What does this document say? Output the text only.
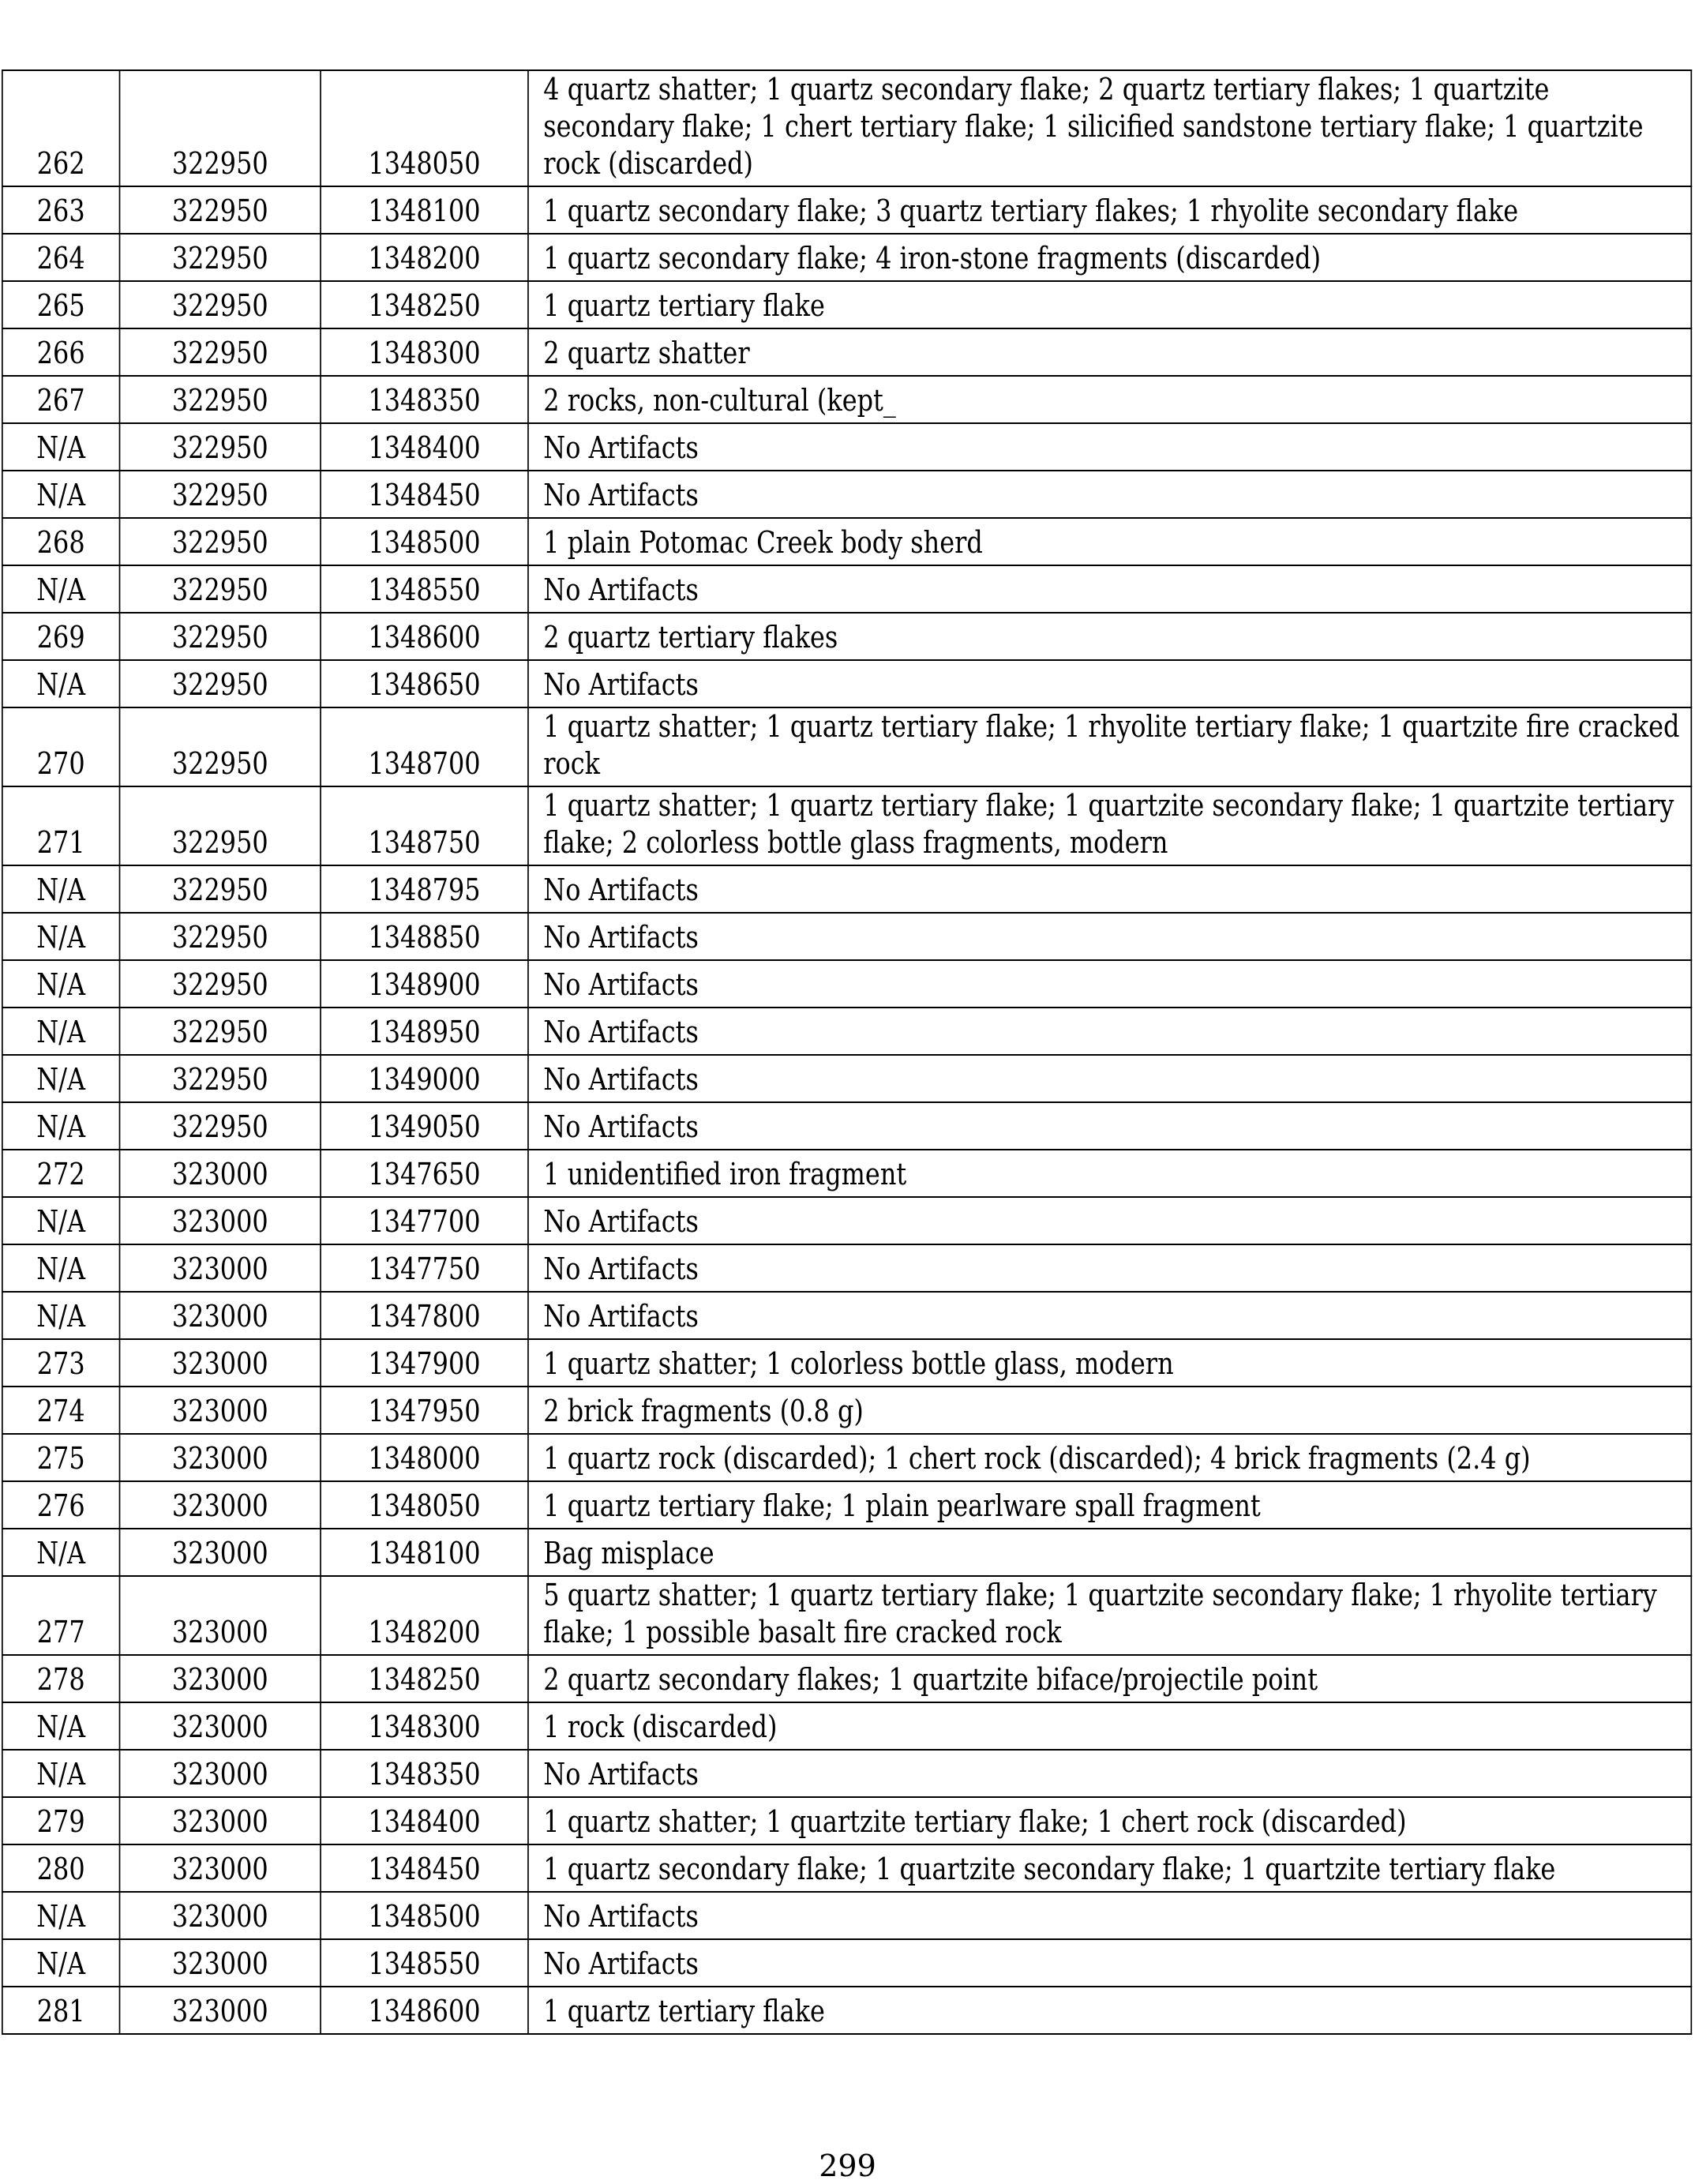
262	322950	1348050	4 quartz shatter; 1 quartz secondary flake; 2 quartz tertiary flakes; 1 quartzite secondary flake; 1 chert tertiary flake; 1 silicified sandstone tertiary flake; 1 quartzite rock (discarded)
263	322950	1348100	1 quartz secondary flake; 3 quartz tertiary flakes; 1 rhyolite secondary flake
264	322950	1348200	1 quartz secondary flake; 4 iron-stone fragments (discarded)
265	322950	1348250	1 quartz tertiary flake
266	322950	1348300	2 quartz shatter
267	322950	1348350	2 rocks, non-cultural (kept_
N/A	322950	1348400	No Artifacts
N/A	322950	1348450	No Artifacts
268	322950	1348500	1 plain Potomac Creek body sherd
N/A	322950	1348550	No Artifacts
269	322950	1348600	2 quartz tertiary flakes
N/A	322950	1348650	No Artifacts
270	322950	1348700	1 quartz shatter; 1 quartz tertiary flake; 1 rhyolite tertiary flake; 1 quartzite fire cracked rock
271	322950	1348750	1 quartz shatter; 1 quartz tertiary flake; 1 quartzite secondary flake; 1 quartzite tertiary flake; 2 colorless bottle glass fragments, modern
N/A	322950	1348795	No Artifacts
N/A	322950	1348850	No Artifacts
N/A	322950	1348900	No Artifacts
N/A	322950	1348950	No Artifacts
N/A	322950	1349000	No Artifacts
N/A	322950	1349050	No Artifacts
272	323000	1347650	1 unidentified iron fragment
N/A	323000	1347700	No Artifacts
N/A	323000	1347750	No Artifacts
N/A	323000	1347800	No Artifacts
273	323000	1347900	1 quartz shatter; 1 colorless bottle glass, modern
274	323000	1347950	2 brick fragments (0.8 g)
275	323000	1348000	1 quartz rock (discarded); 1 chert rock (discarded); 4 brick fragments (2.4 g)
276	323000	1348050	1 quartz tertiary flake; 1 plain pearlware spall fragment
N/A	323000	1348100	Bag misplace
277	323000	1348200	5 quartz shatter; 1 quartz tertiary flake; 1 quartzite secondary flake; 1 rhyolite tertiary flake; 1 possible basalt fire cracked rock
278	323000	1348250	2 quartz secondary flakes; 1 quartzite biface/projectile point
N/A	323000	1348300	1 rock (discarded)
N/A	323000	1348350	No Artifacts
279	323000	1348400	1 quartz shatter; 1 quartzite tertiary flake; 1 chert rock (discarded)
280	323000	1348450	1 quartz secondary flake; 1 quartzite secondary flake; 1 quartzite tertiary flake
N/A	323000	1348500	No Artifacts
N/A	323000	1348550	No Artifacts
281	323000	1348600	1 quartz tertiary flake
299
